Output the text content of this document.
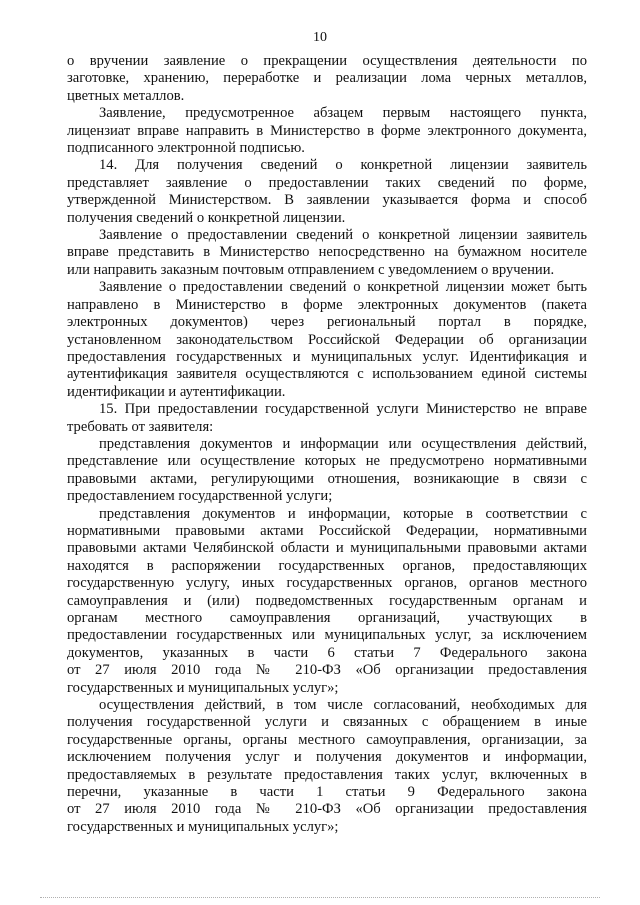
10
о вручении заявление о прекращении осуществления деятельности по
заготовке, хранению, переработке и реализации лома черных металлов,
цветных металлов.
Заявление, предусмотренное абзацем первым настоящего пункта,
лицензиат вправе направить в Министерство в форме электронного документа,
подписанного электронной подписью.
14. Для получения сведений о конкретной лицензии заявитель
представляет заявление о предоставлении таких сведений по форме,
утвержденной Министерством. В заявлении указывается форма и способ
получения сведений о конкретной лицензии.
Заявление о предоставлении сведений о конкретной лицензии заявитель
вправе представить в Министерство непосредственно на бумажном носителе
или направить заказным почтовым отправлением с уведомлением о вручении.
Заявление о предоставлении сведений о конкретной лицензии может быть
направлено в Министерство в форме электронных документов (пакета
электронных документов) через региональный портал в порядке,
установленном законодательством Российской Федерации об организации
предоставления государственных и муниципальных услуг. Идентификация и
аутентификация заявителя осуществляются с использованием единой системы
идентификации и аутентификации.
15. При предоставлении государственной услуги Министерство не вправе
требовать от заявителя:
представления документов и информации или осуществления действий,
представление или осуществление которых не предусмотрено нормативными
правовыми актами, регулирующими отношения, возникающие в связи с
предоставлением государственной услуги;
представления документов и информации, которые в соответствии с
нормативными правовыми актами Российской Федерации, нормативными
правовыми актами Челябинской области и муниципальными правовыми актами
находятся в распоряжении государственных органов, предоставляющих
государственную услугу, иных государственных органов, органов местного
самоуправления и (или) подведомственных государственным органам и
органам местного самоуправления организаций, участвующих в
предоставлении государственных или муниципальных услуг, за исключением
документов, указанных в части 6 статьи 7 Федерального закона
от 27 июля 2010 года № 210-ФЗ «Об организации предоставления
государственных и муниципальных услуг»;
осуществления действий, в том числе согласований, необходимых для
получения государственной услуги и связанных с обращением в иные
государственные органы, органы местного самоуправления, организации, за
исключением получения услуг и получения документов и информации,
предоставляемых в результате предоставления таких услуг, включенных в
перечни, указанные в части 1 статьи 9 Федерального закона
от 27 июля 2010 года № 210-ФЗ «Об организации предоставления
государственных и муниципальных услуг»;
